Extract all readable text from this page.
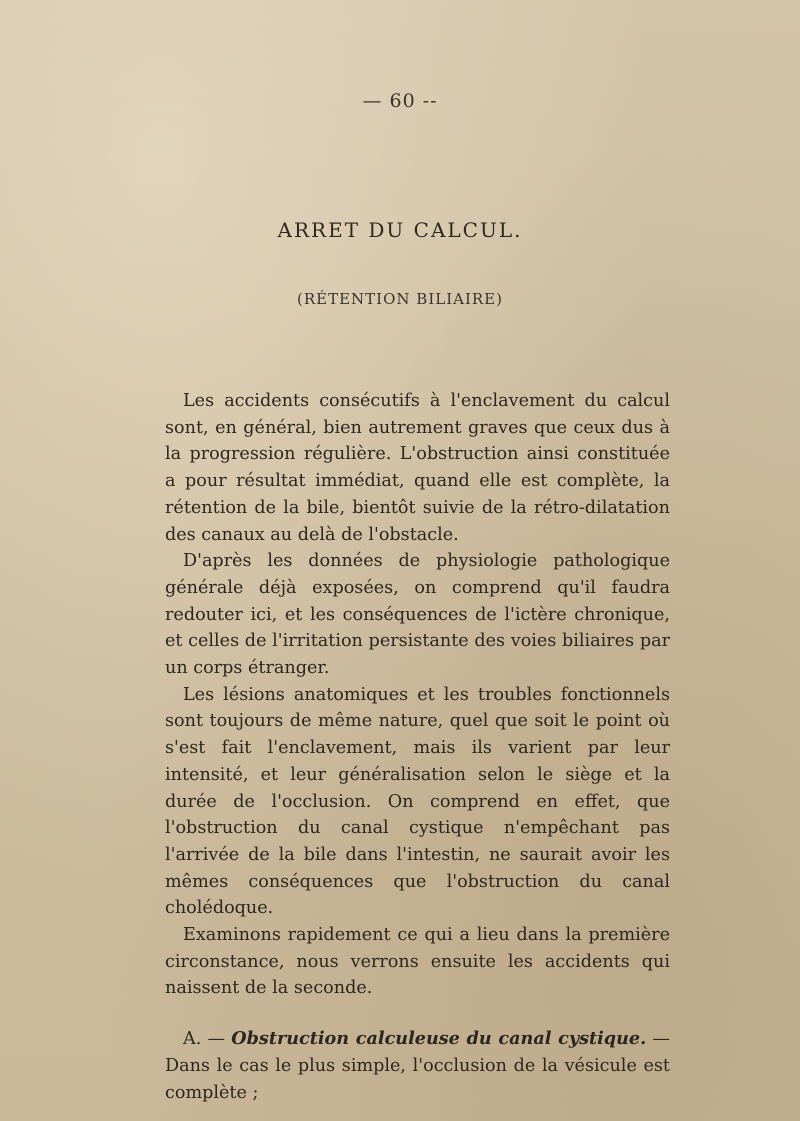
— 60 --
ARRET DU CALCUL.
(RÉTENTION BILIAIRE)

Les accidents consécutifs à l'enclavement du calcul sont, en général, bien autrement graves que ceux dus à la progression régulière. L'obstruction ainsi constituée a pour résultat immédiat, quand elle est complète, la rétention de la bile, bientôt suivie de la rétro-dilatation des canaux au delà de l'obstacle.

D'après les données de physiologie pathologique générale déjà exposées, on comprend qu'il faudra redouter ici, et les conséquences de l'ictère chronique, et celles de l'irritation persistante des voies biliaires par un corps étranger.

Les lésions anatomiques et les troubles fonctionnels sont toujours de même nature, quel que soit le point où s'est fait l'enclavement, mais ils varient par leur intensité, et leur généralisation selon le siège et la durée de l'occlusion. On comprend en effet, que l'obstruction du canal cystique n'empêchant pas l'arrivée de la bile dans l'intestin, ne saurait avoir les mêmes conséquences que l'obstruction du canal cholédoque.

Examinons rapidement ce qui a lieu dans la première circonstance, nous verrons ensuite les accidents qui naissent de la seconde.

A. — Obstruction calculeuse du canal cystique. — Dans le cas le plus simple, l'occlusion de la vésicule est complète ;
